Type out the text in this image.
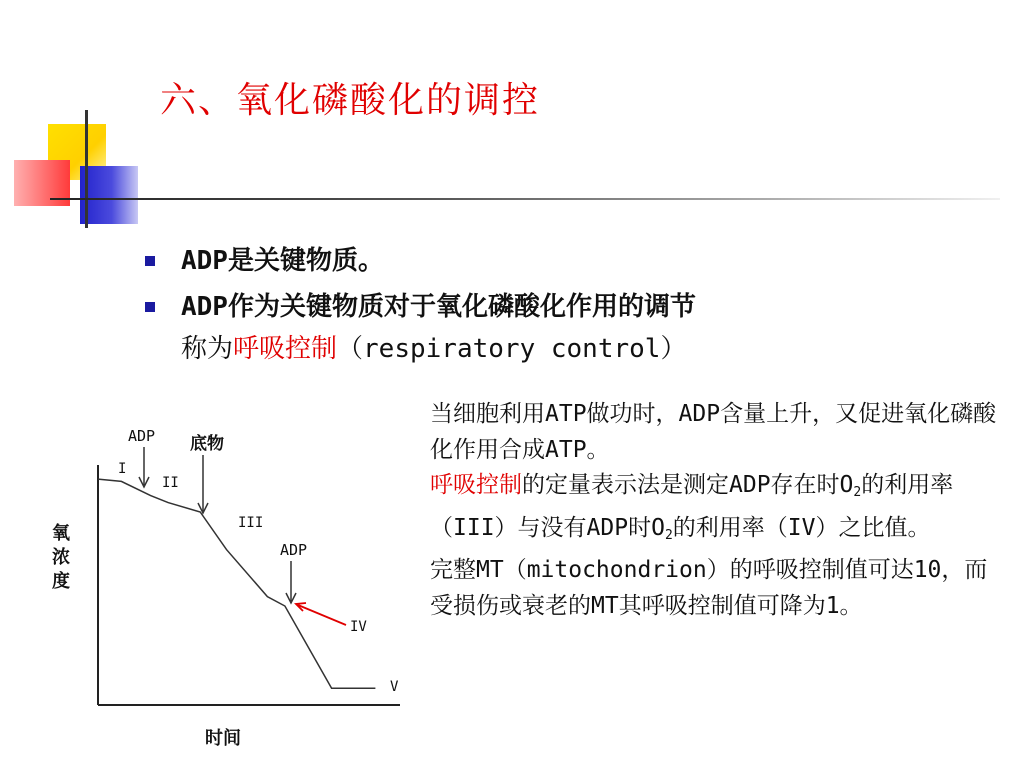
六、氧化磷酸化的调控
ADP是关键物质。
ADP作为关键物质对于氧化磷酸化作用的调节
称为呼吸控制（respiratory control）
氧 浓 度
时间
ADP 底物
ADP
I
II
III
IV
V

当细胞利用ATP做功时，ADP含量上升，又促进氧化磷酸化作用合成ATP。

呼吸控制的定量表示法是测定ADP存在时$O_2$的利用率（III）与没有ADP时$O_2$的利用率（IV）之比值。

完整MT（mitochondrion）的呼吸控制值可达10，而受损伤或衰老的MT其呼吸控制值可降为1。
